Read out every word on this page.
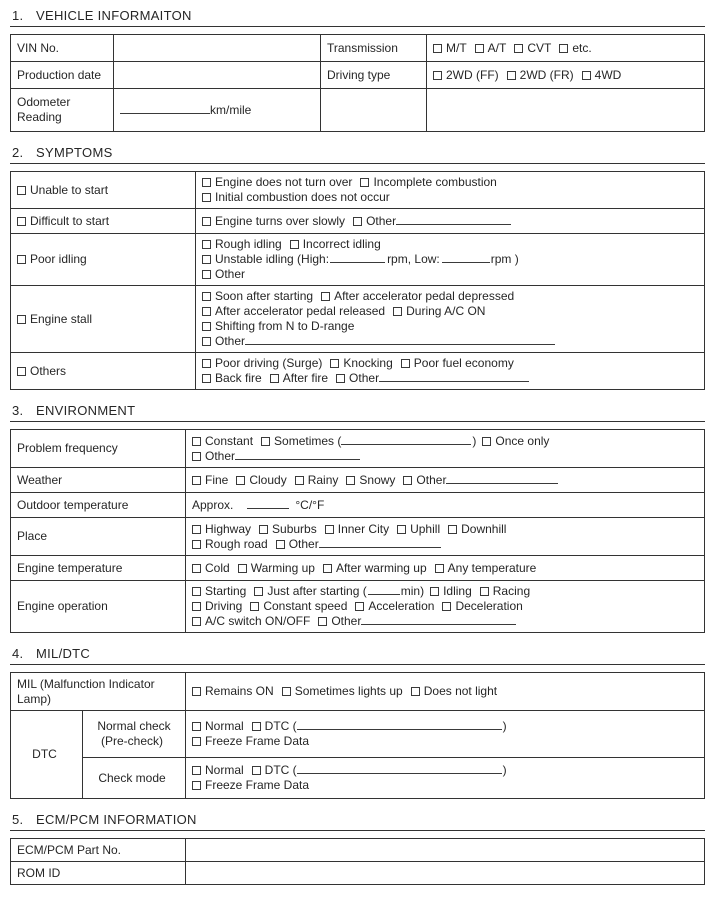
1. VEHICLE INFORMAITON
VIN No.		Transmission	M/T A/T CVT etc.

Production date		Driving type	2WD (FF) 2WD (FR) 4WD

Odometer Reading	km/mile		

2. SYMPTOMS
Unable to start	Engine does not turn over Incomplete combustion
Initial combustion does not occur

Difficult to start	Engine turns over slowly Other

Poor idling	Rough idling Incorrect idling
Unstable idling (High: rpm, Low: rpm )
Other

Engine stall	Soon after starting After accelerator pedal depressed
After accelerator pedal released During A/C ON
Shifting from N to D-range
Other

Others	Poor driving (Surge) Knocking Poor fuel economy
Back fire After fire Other
3. ENVIRONMENT
Problem frequency	Constant Sometimes ( ) Once only
Other

Weather	Fine Cloudy Rainy Snowy Other

Outdoor temperature	Approx. °C/°F

Place	Highway Suburbs Inner City Uphill Downhill
Rough road Other

Engine temperature	Cold Warming up After warming up Any temperature

Engine operation	Starting Just after starting ( min) Idling Racing
Driving Constant speed Acceleration Deceleration
A/C switch ON/OFF Other
4. MIL/DTC
MIL (Malfunction Indicator Lamp)		Remains ON Sometimes lights up Does not light

DTC	Normal check (Pre-check)	Normal DTC ( )
Freeze Frame Data

	Check mode	Normal DTC ( )
Freeze Frame Data
5. ECM/PCM INFORMATION
ECM/PCM Part No.	

ROM ID	
